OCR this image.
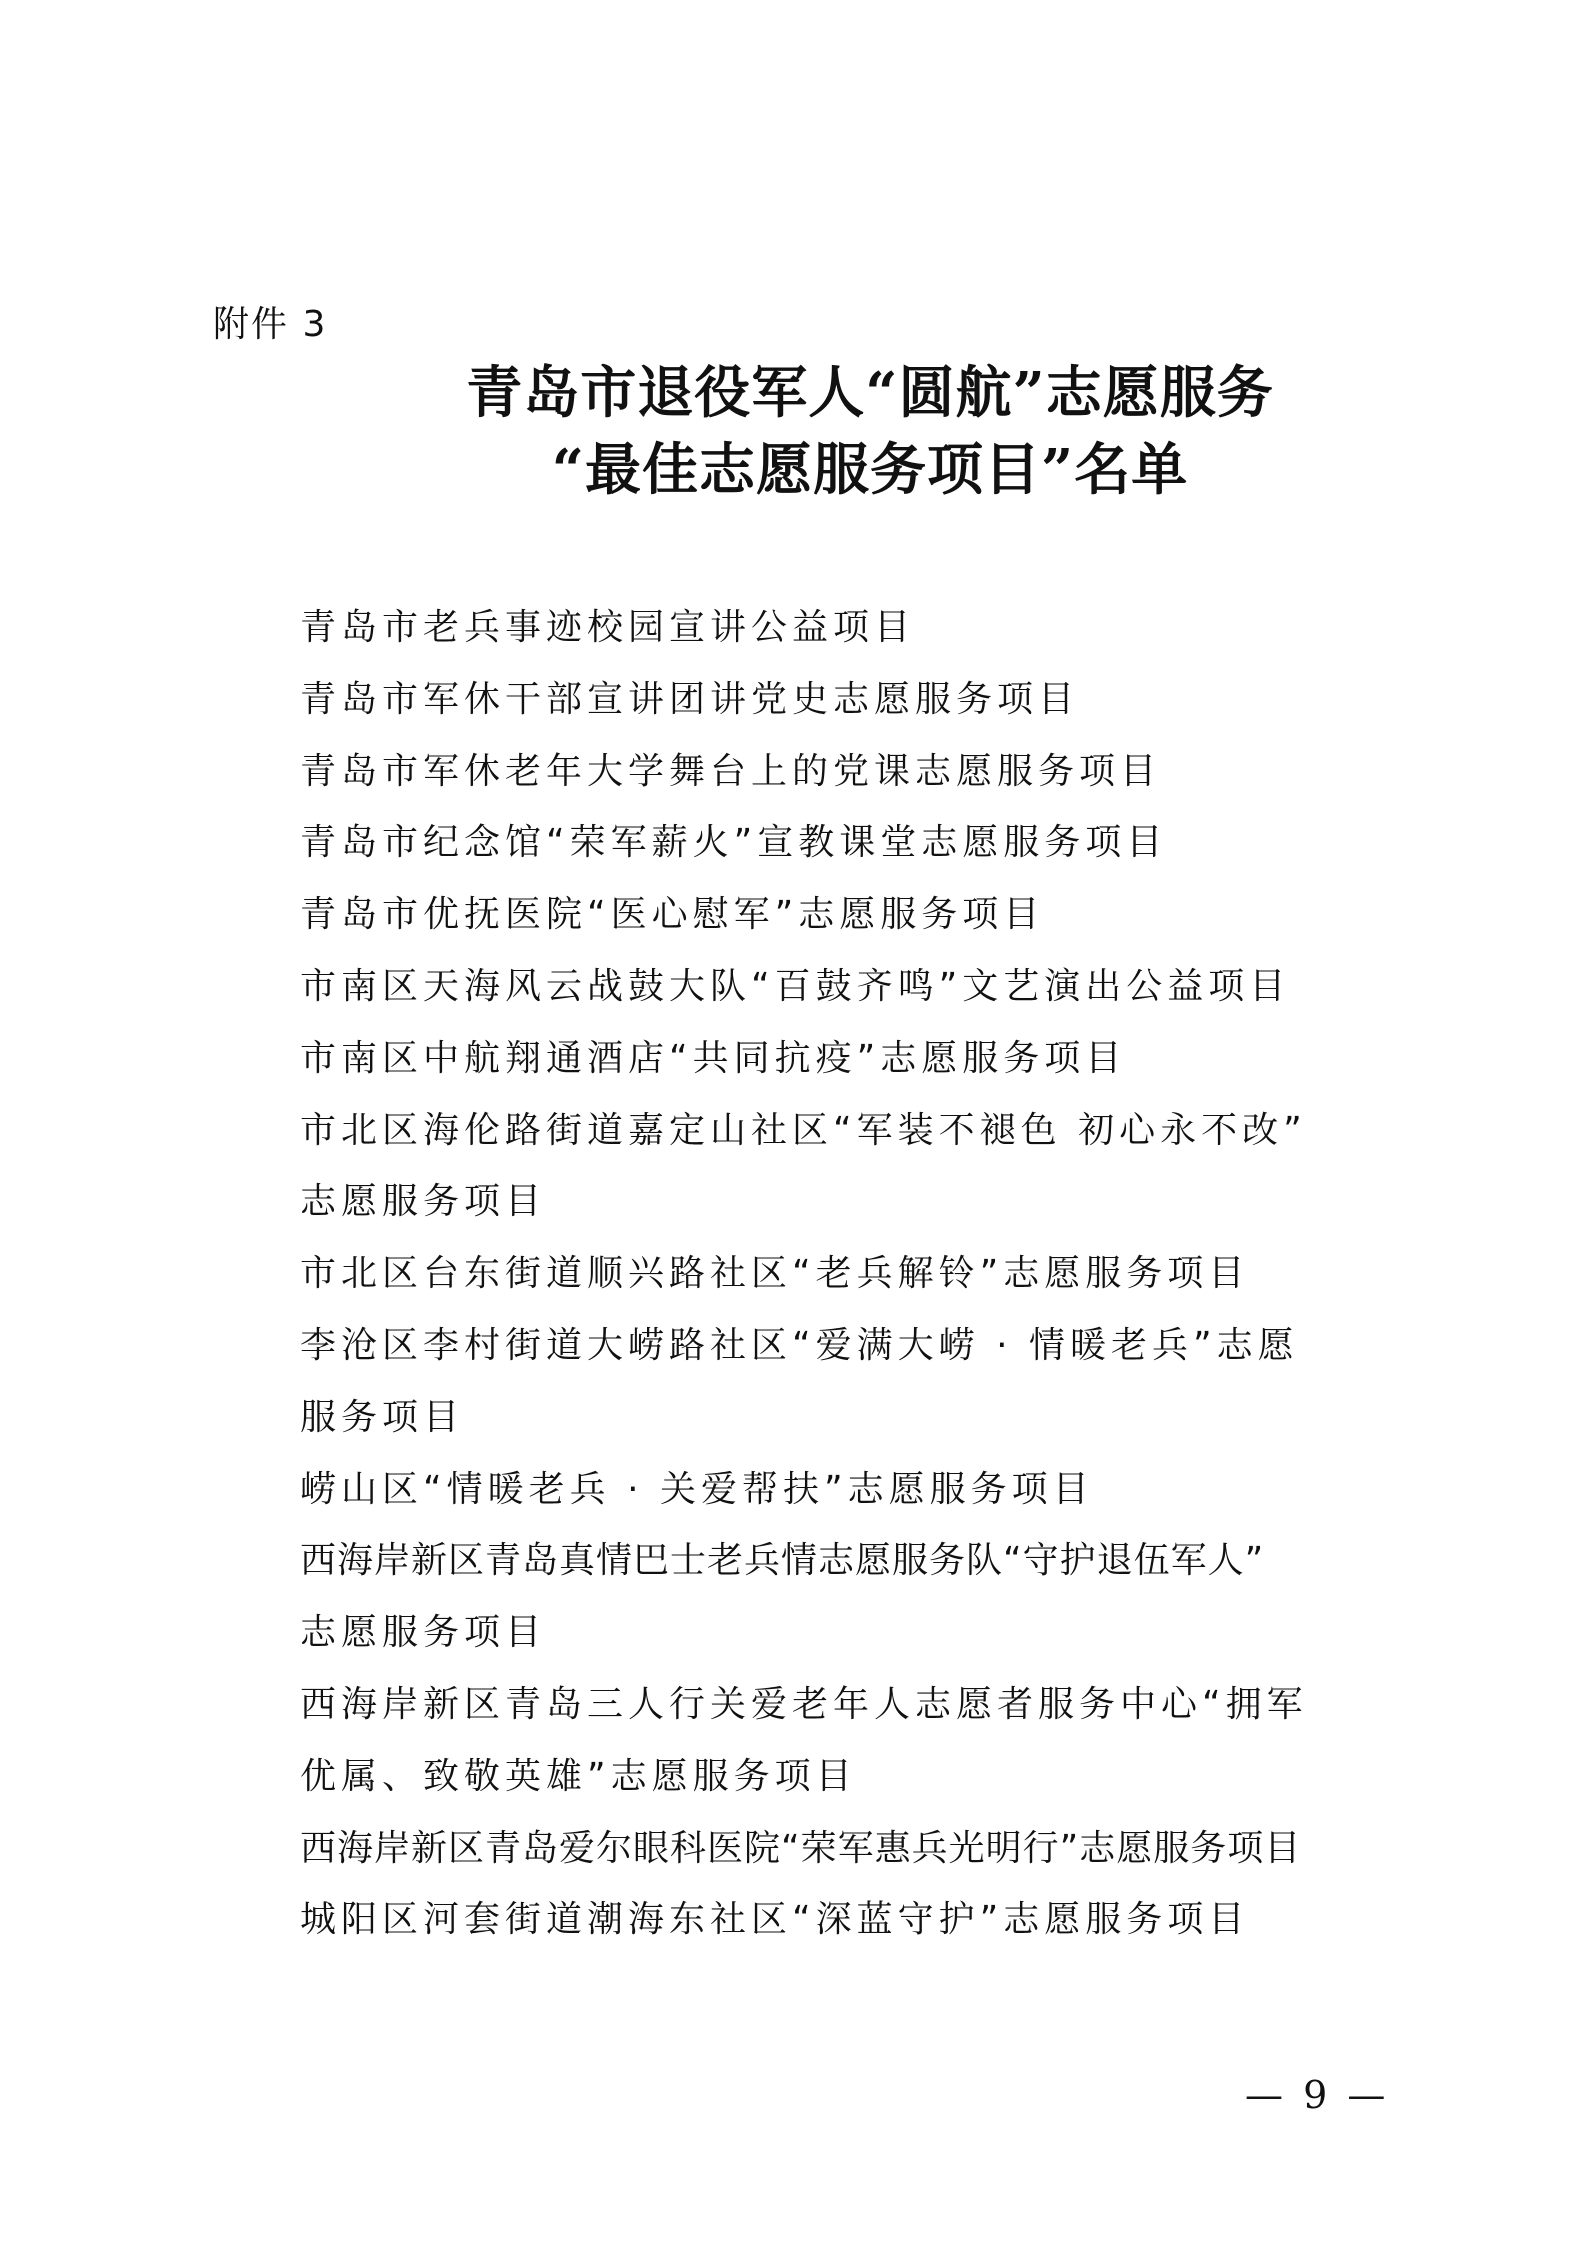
附件 3
青岛市退役军人“圆航”志愿服务
“最佳志愿服务项目”名单
青岛市老兵事迹校园宣讲公益项目
青岛市军休干部宣讲团讲党史志愿服务项目
青岛市军休老年大学舞台上的党课志愿服务项目
青岛市纪念馆“荣军薪火”宣教课堂志愿服务项目
青岛市优抚医院“医心慰军”志愿服务项目
市南区天海风云战鼓大队“百鼓齐鸣”文艺演出公益项目
市南区中航翔通酒店“共同抗疫”志愿服务项目
市北区海伦路街道嘉定山社区“军装不褪色 初心永不改”
志愿服务项目
市北区台东街道顺兴路社区“老兵解铃”志愿服务项目
李沧区李村街道大崂路社区“爱满大崂 · 情暖老兵”志愿
服务项目
崂山区“情暖老兵 · 关爱帮扶”志愿服务项目
西海岸新区青岛真情巴士老兵情志愿服务队“守护退伍军人”
志愿服务项目
西海岸新区青岛三人行关爱老年人志愿者服务中心“拥军
优属、致敬英雄”志愿服务项目
西海岸新区青岛爱尔眼科医院“荣军惠兵光明行”志愿服务项目
城阳区河套街道潮海东社区“深蓝守护”志愿服务项目
— 9 —
